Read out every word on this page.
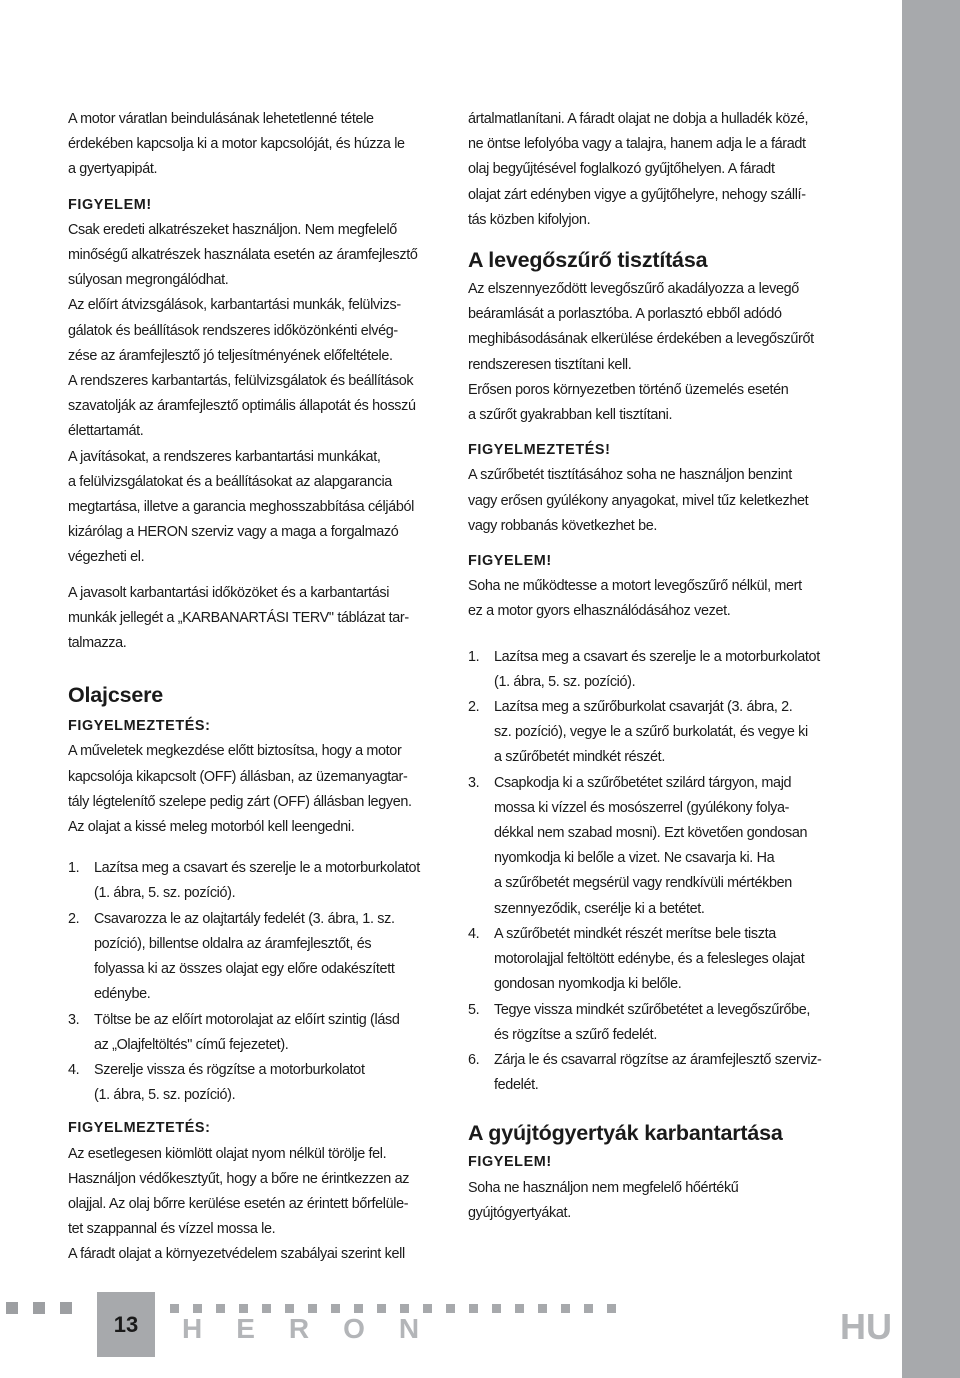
A motor váratlan beindulásának lehetetlenné tétele

érdekében kapcsolja ki a motor kapcsolóját, és húzza le

a gyertyapipát.

FIGYELEM!

Csak eredeti alkatrészeket használjon. Nem megfelelő

minőségű alkatrészek használata esetén az áramfejlesztő

súlyosan megrongálódhat.

Az előírt átvizsgálások, karbantartási munkák, felülvizs-

gálatok és beállítások rendszeres időközönkénti elvég-

zése az áramfejlesztő jó teljesítményének előfeltétele.

A rendszeres karbantartás, felülvizsgálatok és beállítások

szavatolják az áramfejlesztő optimális állapotát és hosszú

élettartamát.

A javításokat, a rendszeres karbantartási munkákat,

a felülvizsgálatokat és a beállításokat az alapgarancia

megtartása, illetve a garancia meghosszabbítása céljából

kizárólag a HERON szerviz vagy a maga a forgalmazó

végezheti el.

A javasolt karbantartási időközöket és a karbantartási

munkák jellegét a „KARBANARTÁSI TERV" táblázat tar-

talmazza.

Olajcsere

FIGYELMEZTETÉS:

A műveletek megkezdése előtt biztosítsa, hogy a motor

kapcsolója kikapcsolt (OFF) állásban, az üzemanyagtar-

tály légtelenítő szelepe pedig zárt (OFF) állásban legyen.

Az olajat a kissé meleg motorból kell leengedni.

1.	Lazítsa meg a csavart és szerelje le a motorburkolatot
(1. ábra, 5. sz. pozíció).
2.	Csavarozza le az olajtartály fedelét (3. ábra, 1. sz.
pozíció), billentse oldalra az áramfejlesztőt, és
folyassa ki az összes olajat egy előre odakészített
edénybe.
3.	Töltse be az előírt motorolajat az előírt szintig (lásd
az „Olajfeltöltés" című fejezetet).
4.	Szerelje vissza és rögzítse a motorburkolatot
(1. ábra, 5. sz. pozíció).

FIGYELMEZTETÉS:

Az esetlegesen kiömlött olajat nyom nélkül törölje fel.

Használjon védőkesztyűt, hogy a bőre ne érintkezzen az

olajjal. Az olaj bőrre kerülése esetén az érintett bőrfelüle-

tet szappannal és vízzel mossa le.

A fáradt olajat a környezetvédelem szabályai szerint kell

ártalmatlanítani. A fáradt olajat ne dobja a hulladék közé,

ne öntse lefolyóba vagy a talajra, hanem adja le a fáradt

olaj begyűjtésével foglalkozó gyűjtőhelyen. A fáradt

olajat zárt edényben vigye a gyűjtőhelyre, nehogy szállí-

tás közben kifolyjon.

A levegőszűrő tisztítása

Az elszennyeződött levegőszűrő akadályozza a levegő

beáramlását a porlasztóba. A porlasztó ebből adódó

meghibásodásának elkerülése érdekében a levegőszűrőt

rendszeresen tisztítani kell.

Erősen poros környezetben történő üzemelés esetén

a szűrőt gyakrabban kell tisztítani.

FIGYELMEZTETÉS!

A szűrőbetét tisztításához soha ne használjon benzint

vagy erősen gyúlékony anyagokat, mivel tűz keletkezhet

vagy robbanás következhet be.

FIGYELEM!

Soha ne működtesse a motort levegőszűrő nélkül, mert

ez a motor gyors elhasználódásához vezet.

1.	Lazítsa meg a csavart és szerelje le a motorburkolatot
(1. ábra, 5. sz. pozíció).
2.	Lazítsa meg a szűrőburkolat csavarját (3. ábra, 2.
sz. pozíció), vegye le a szűrő burkolatát, és vegye ki
a szűrőbetét mindkét részét.
3.	Csapkodja ki a szűrőbetétet szilárd tárgyon, majd
mossa ki vízzel és mosószerrel (gyúlékony folya-
dékkal nem szabad mosni). Ezt követően gondosan
nyomkodja ki belőle a vizet. Ne csavarja ki. Ha
a szűrőbetét megsérül vagy rendkívüli mértékben
szennyeződik, cserélje ki a betétet.
4.	A szűrőbetét mindkét részét merítse bele tiszta
motorolajjal feltöltött edénybe, és a felesleges olajat
gondosan nyomkodja ki belőle.
5.	Tegye vissza mindkét szűrőbetétet a levegőszűrőbe,
és rögzítse a szűrő fedelét.
6.	Zárja le és csavarral rögzítse az áramfejlesztő szerviz-
fedelét.
A gyújtógyertyák karbantartása

FIGYELEM!

Soha ne használjon nem megfelelő hőértékű

gyújtógyertyákat.

13	HERON	HU
